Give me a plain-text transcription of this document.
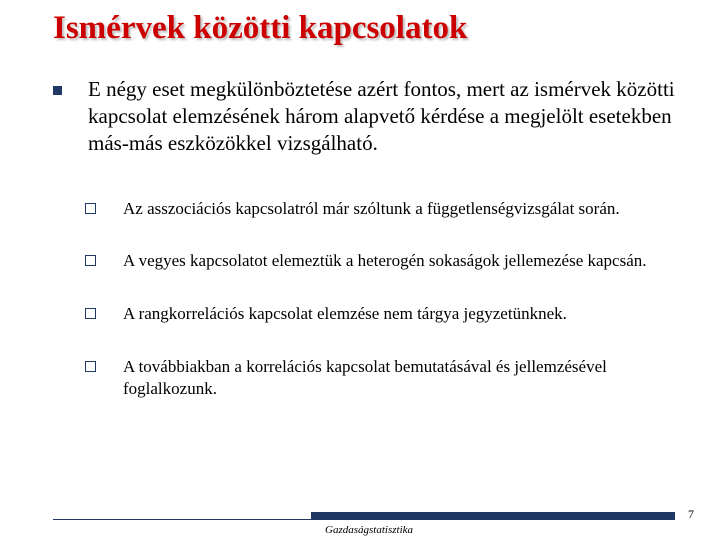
Ismérvek közötti kapcsolatok

E négy eset megkülönböztetése azért fontos, mert az ismérvek közötti kapcsolat elemzésének három alapvető kérdése a megjelölt esetekben más-más eszközökkel vizsgálható.

Az asszociációs kapcsolatról már szóltunk a függetlenségvizsgálat során.

A vegyes kapcsolatot elemeztük a heterogén sokaságok jellemezése kapcsán.

A rangkorrelációs kapcsolat elemzése nem tárgya jegyzetünknek.

A továbbiakban a korrelációs kapcsolat bemutatásával és jellemzésével foglalkozunk.

Gazdaságstatisztika

7
